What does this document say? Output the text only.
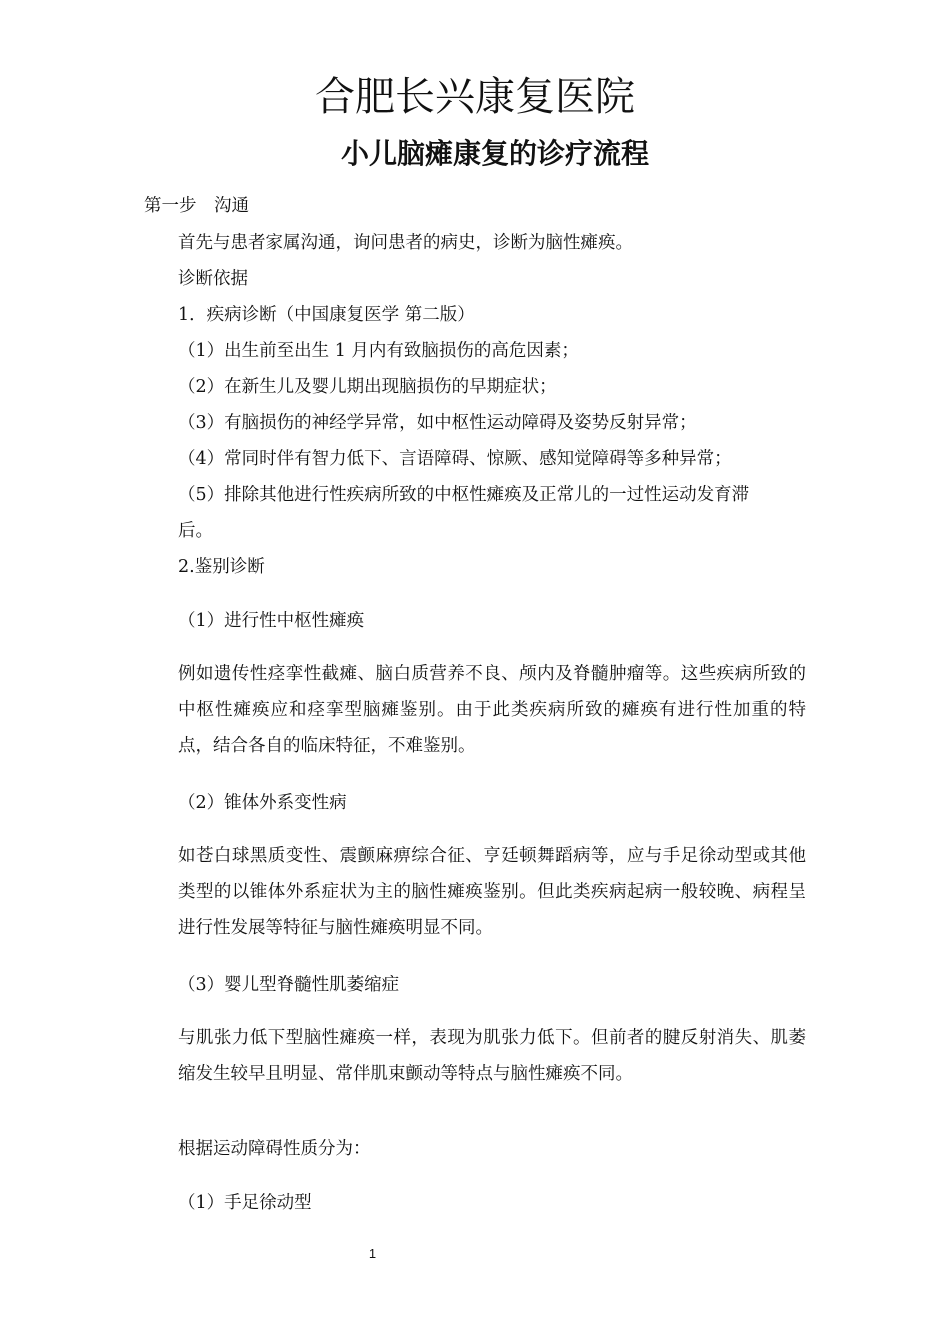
合肥长兴康复医院
小儿脑瘫康复的诊疗流程
第一步　沟通
首先与患者家属沟通，询问患者的病史，诊断为脑性瘫痪。
诊断依据
1．疾病诊断（中国康复医学 第二版）
（1）出生前至出生 1 月内有致脑损伤的高危因素；
（2）在新生儿及婴儿期出现脑损伤的早期症状；
（3）有脑损伤的神经学异常，如中枢性运动障碍及姿势反射异常；
（4）常同时伴有智力低下、言语障碍、惊厥、感知觉障碍等多种异常；
（5）排除其他进行性疾病所致的中枢性瘫痪及正常儿的一过性运动发育滞
后。
2.鉴别诊断
（1）进行性中枢性瘫痪
例如遗传性痉挛性截瘫、脑白质营养不良、颅内及脊髓肿瘤等。这些疾病所致的中枢性瘫痪应和痉挛型脑瘫鉴别。由于此类疾病所致的瘫痪有进行性加重的特点，结合各自的临床特征，不难鉴别。
（2）锥体外系变性病
如苍白球黑质变性、震颤麻痹综合征、亨廷顿舞蹈病等，应与手足徐动型或其他类型的以锥体外系症状为主的脑性瘫痪鉴别。但此类疾病起病一般较晚、病程呈进行性发展等特征与脑性瘫痪明显不同。
（3）婴儿型脊髓性肌萎缩症
与肌张力低下型脑性瘫痪一样，表现为肌张力低下。但前者的腱反射消失、肌萎缩发生较早且明显、常伴肌束颤动等特点与脑性瘫痪不同。
根据运动障碍性质分为：
（1）手足徐动型
1
